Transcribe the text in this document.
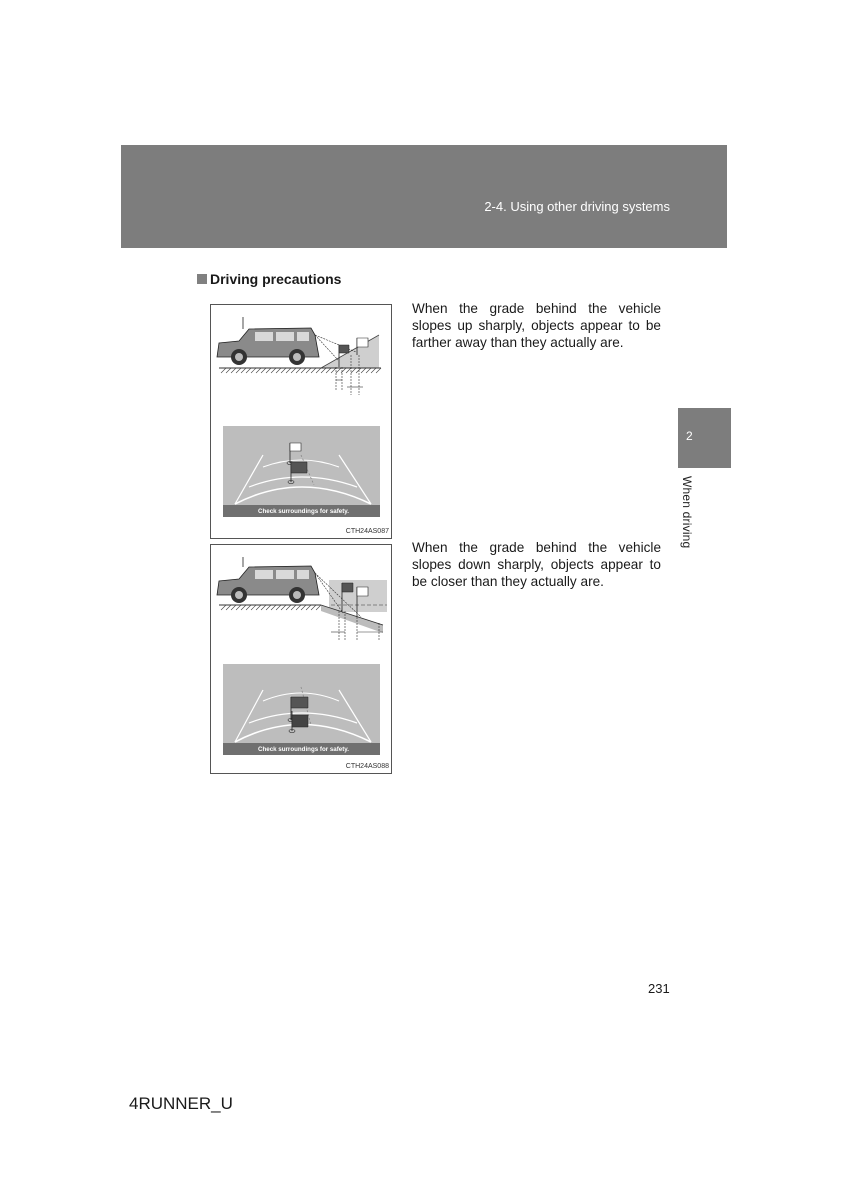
2-4. Using other driving systems
2
When driving
Driving precautions
Check surroundings for safety.
CTH24AS087
Check surroundings for safety.
CTH24AS088

When the grade behind the vehicle slopes up sharply, objects appear to be farther away than they actually are.

When the grade behind the vehicle slopes down sharply, objects appear to be closer than they actually are.

231
4RUNNER_U
